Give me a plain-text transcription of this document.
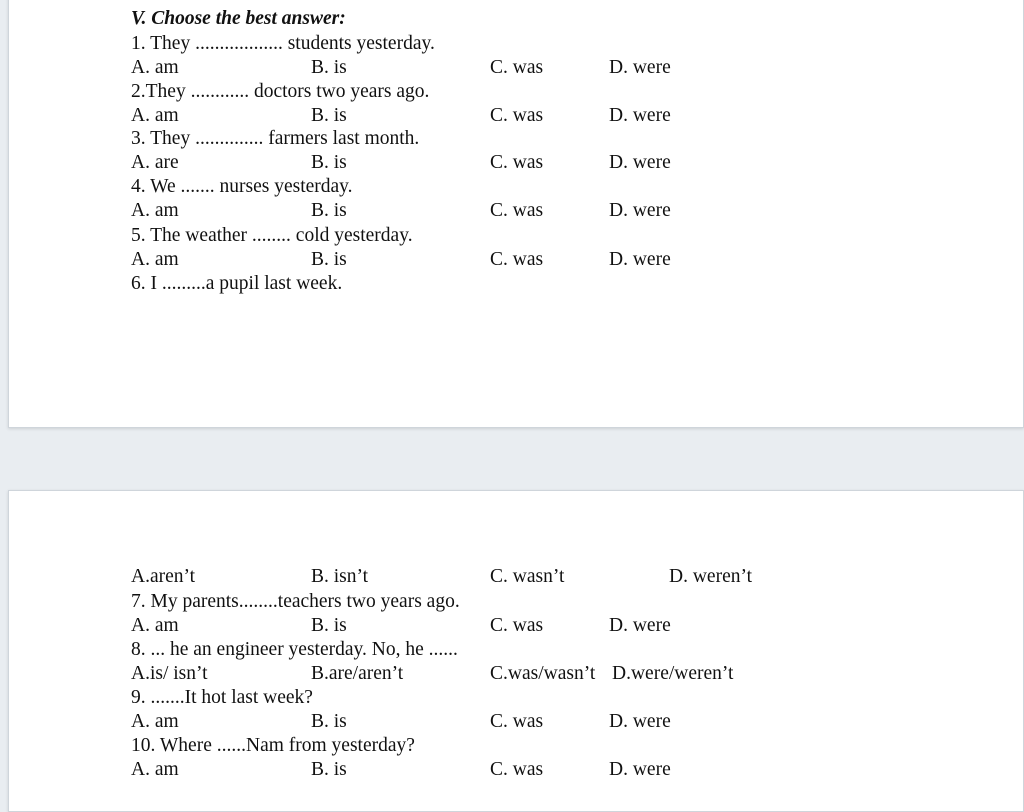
V. Choose the best answer:
1. They .................. students yesterday.
A. am	B. is	C. was	D. were
2.They ............ doctors two years ago.
A. am	B. is	C. was	D. were
3. They .............. farmers last month.
A. are	B. is	C. was	D. were
4. We ....... nurses yesterday.
A. am	B. is	C. was	D. were
5. The weather ........ cold yesterday.
A. am	B. is	C. was	D. were
6. I .........a pupil last week.
A.aren’t	B. isn’t	C. wasn’t	D. weren’t
7. My parents........teachers two years ago.
A. am	B. is	C. was	D. were
8. ... he an engineer yesterday. No, he ......
A.is/ isn’t	B.are/aren’t	C.was/wasn’t D.were/weren’t
9. .......It hot last week?
A. am	B. is	C. was	D. were
10. Where ......Nam from yesterday?
A. am	B. is	C. was	D. were
